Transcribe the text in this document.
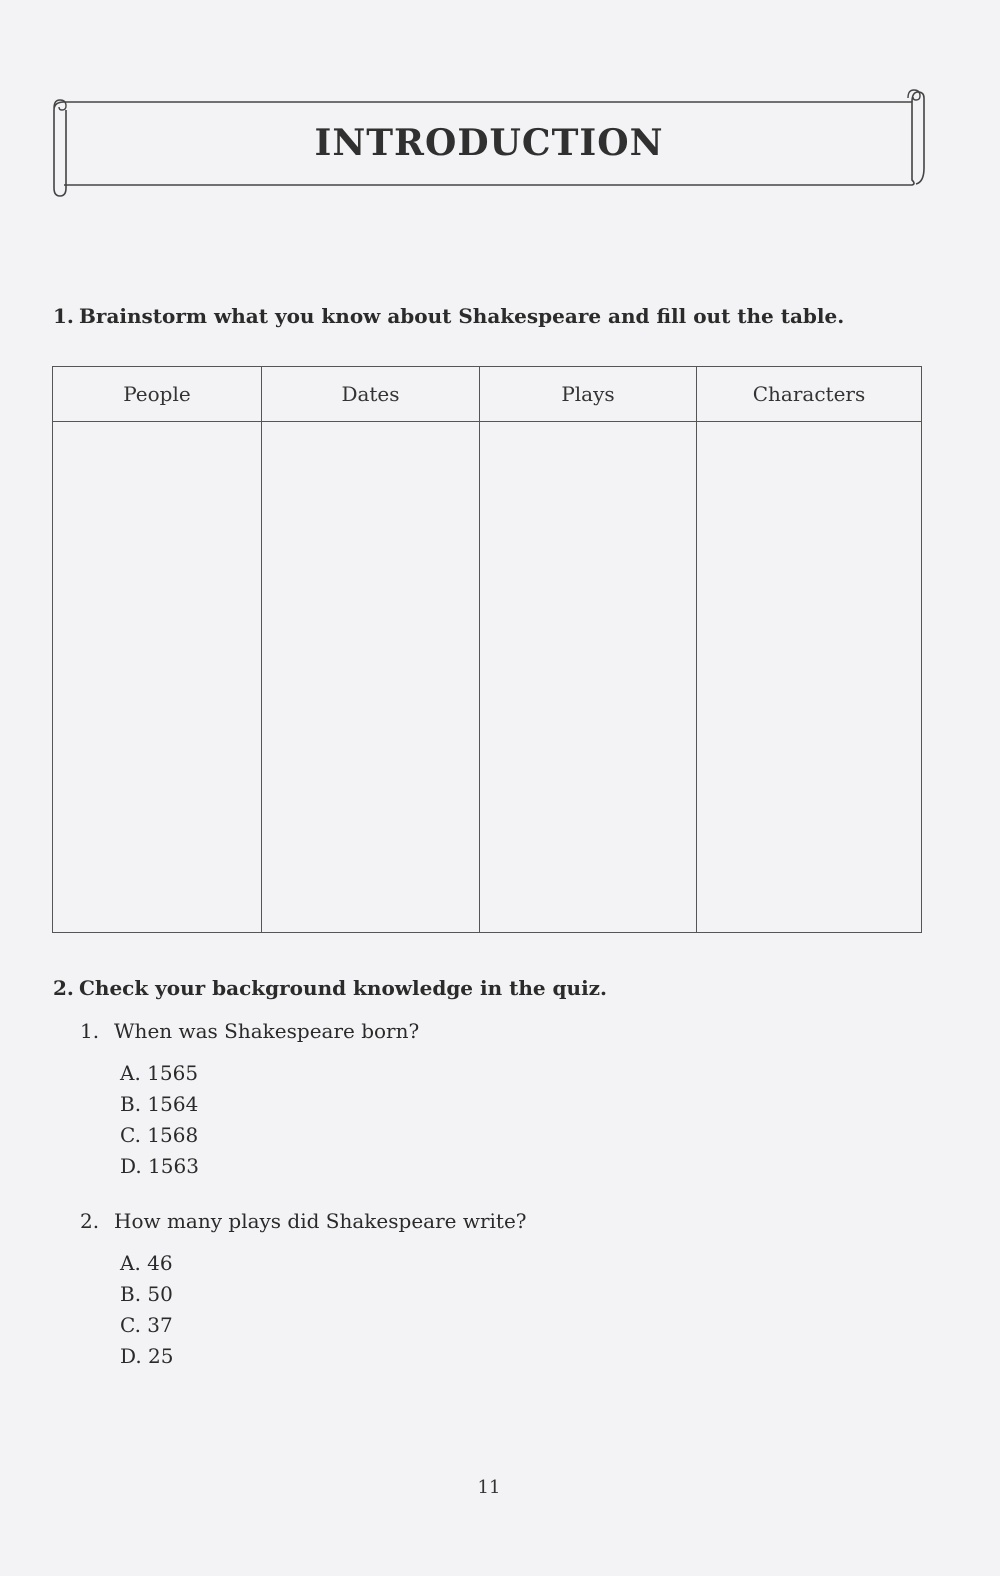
INTRODUCTION
1. Brainstorm what you know about Shakespeare and fill out the table.
People	Dates	Plays	Characters

2. Check your background knowledge in the quiz.
1. When was Shakespeare born?
A. 1565
B. 1564
C. 1568
D. 1563
2. How many plays did Shakespeare write?
A. 46
B. 50
C. 37
D. 25
11
